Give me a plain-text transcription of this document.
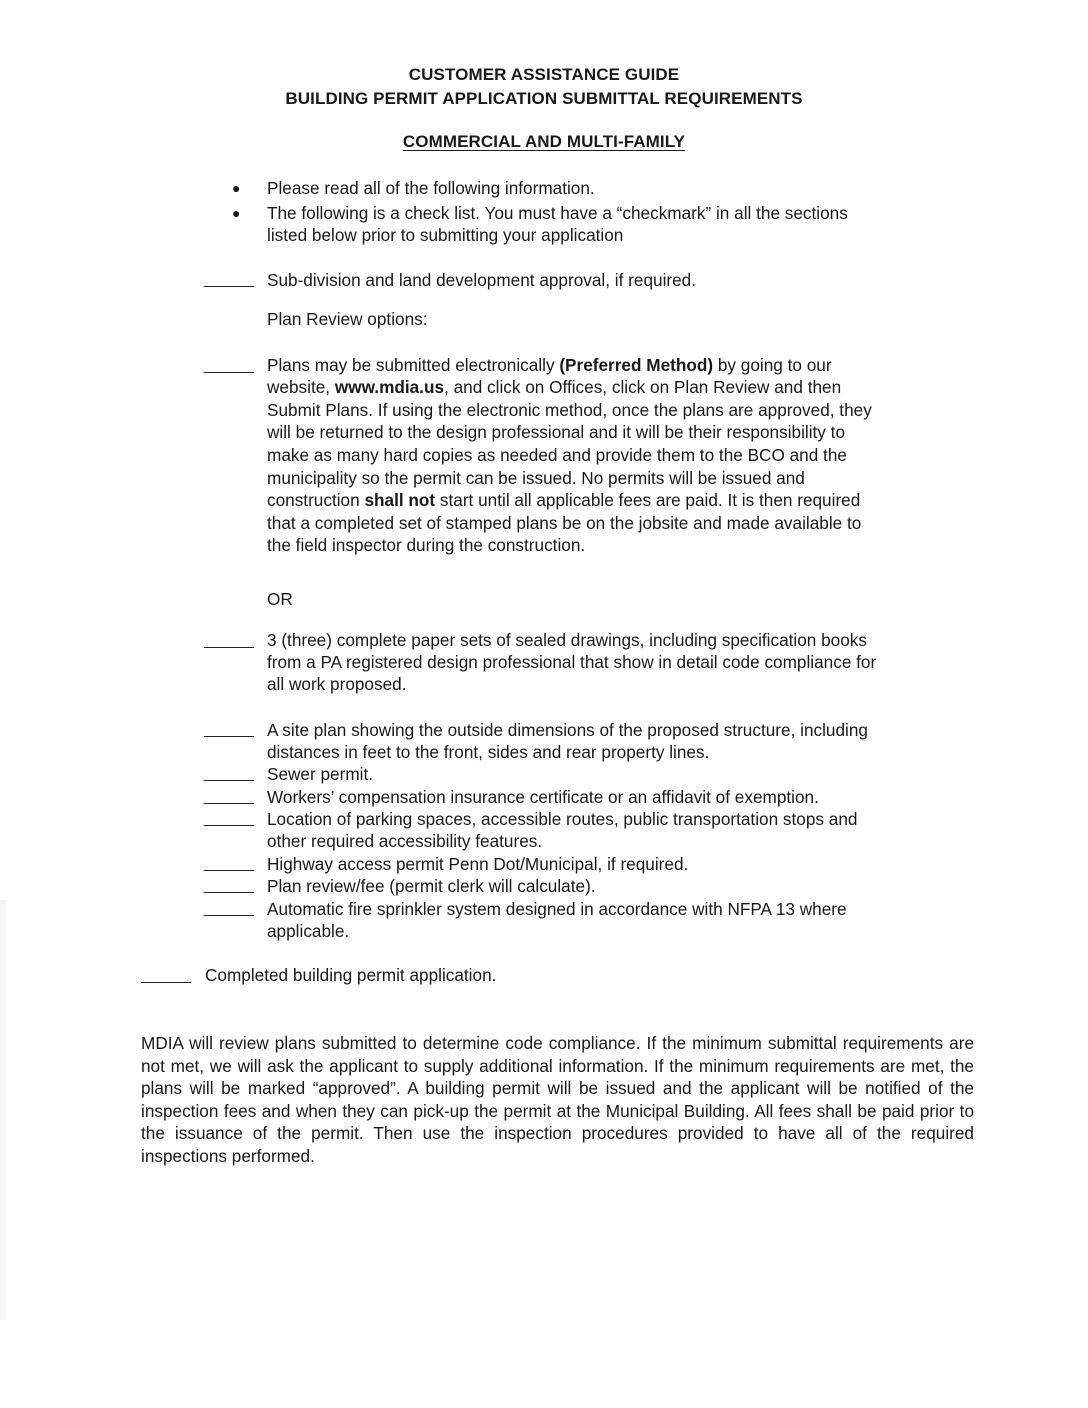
CUSTOMER ASSISTANCE GUIDE
BUILDING PERMIT APPLICATION SUBMITTAL REQUIREMENTS
COMMERCIAL AND MULTI-FAMILY
● Please read all of the following information.
● The following is a check list. You must have a “checkmark” in all the sections
listed below prior to submitting your application
Sub-division and land development approval, if required.
Plan Review options:
Plans may be submitted electronically (Preferred Method) by going to our
website, www.mdia.us, and click on Offices, click on Plan Review and then
Submit Plans. If using the electronic method, once the plans are approved, they
will be returned to the design professional and it will be their responsibility to
make as many hard copies as needed and provide them to the BCO and the
municipality so the permit can be issued. No permits will be issued and
construction shall not start until all applicable fees are paid. It is then required
that a completed set of stamped plans be on the jobsite and made available to
the field inspector during the construction.
OR
3 (three) complete paper sets of sealed drawings, including specification books
from a PA registered design professional that show in detail code compliance for
all work proposed.
A site plan showing the outside dimensions of the proposed structure, including
distances in feet to the front, sides and rear property lines.
Sewer permit.
Workers’ compensation insurance certificate or an affidavit of exemption.
Location of parking spaces, accessible routes, public transportation stops and
other required accessibility features.
Highway access permit Penn Dot/Municipal, if required.
Plan review/fee (permit clerk will calculate).
Automatic fire sprinkler system designed in accordance with NFPA 13 where
applicable.
Completed building permit application.
MDIA will review plans submitted to determine code compliance. If the minimum submittal requirements are not met, we will ask the applicant to supply additional information. If the minimum requirements are met, the plans will be marked “approved”. A building permit will be issued and the applicant will be notified of the inspection fees and when they can pick-up the permit at the Municipal Building. All fees shall be paid prior to the issuance of the permit. Then use the inspection procedures provided to have all of the required inspections performed.
